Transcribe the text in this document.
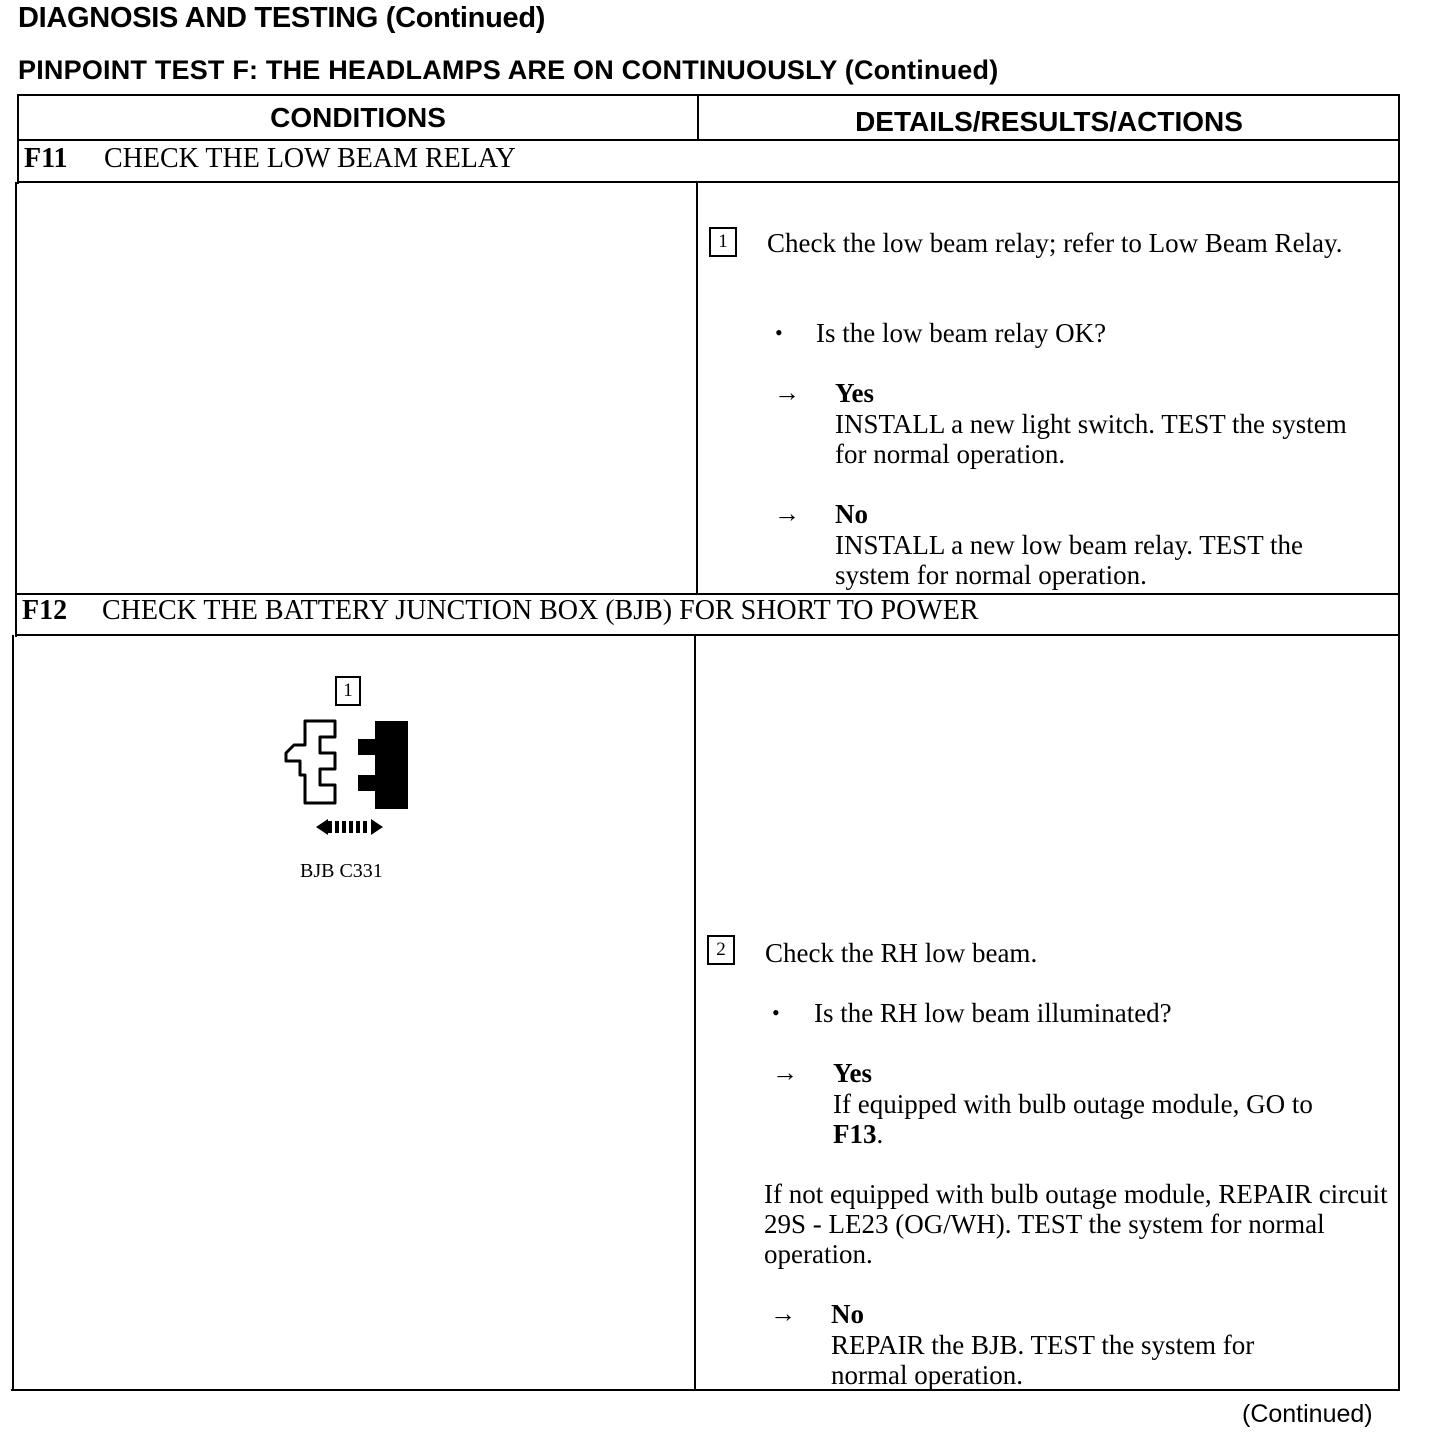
DIAGNOSIS AND TESTING (Continued)
PINPOINT TEST F: THE HEADLAMPS ARE ON CONTINUOUSLY (Continued)
CONDITIONS	DETAILS/RESULTS/ACTIONS
F11 CHECK THE LOW BEAM RELAY
1	Check the low beam relay; refer to Low Beam Relay.
• Is the low beam relay OK?
→ Yes
INSTALL a new light switch. TEST the system for normal operation.
→ No
INSTALL a new low beam relay. TEST the system for normal operation.
F12 CHECK THE BATTERY JUNCTION BOX (BJB) FOR SHORT TO POWER
1
BJB C331
2	Check the RH low beam.
• Is the RH low beam illuminated?
→ Yes
If equipped with bulb outage module, GO to
F13.
If not equipped with bulb outage module, REPAIR circuit 29S - LE23 (OG/WH). TEST the system for normal operation.
→ No
REPAIR the BJB. TEST the system for normal operation.
(Continued)
